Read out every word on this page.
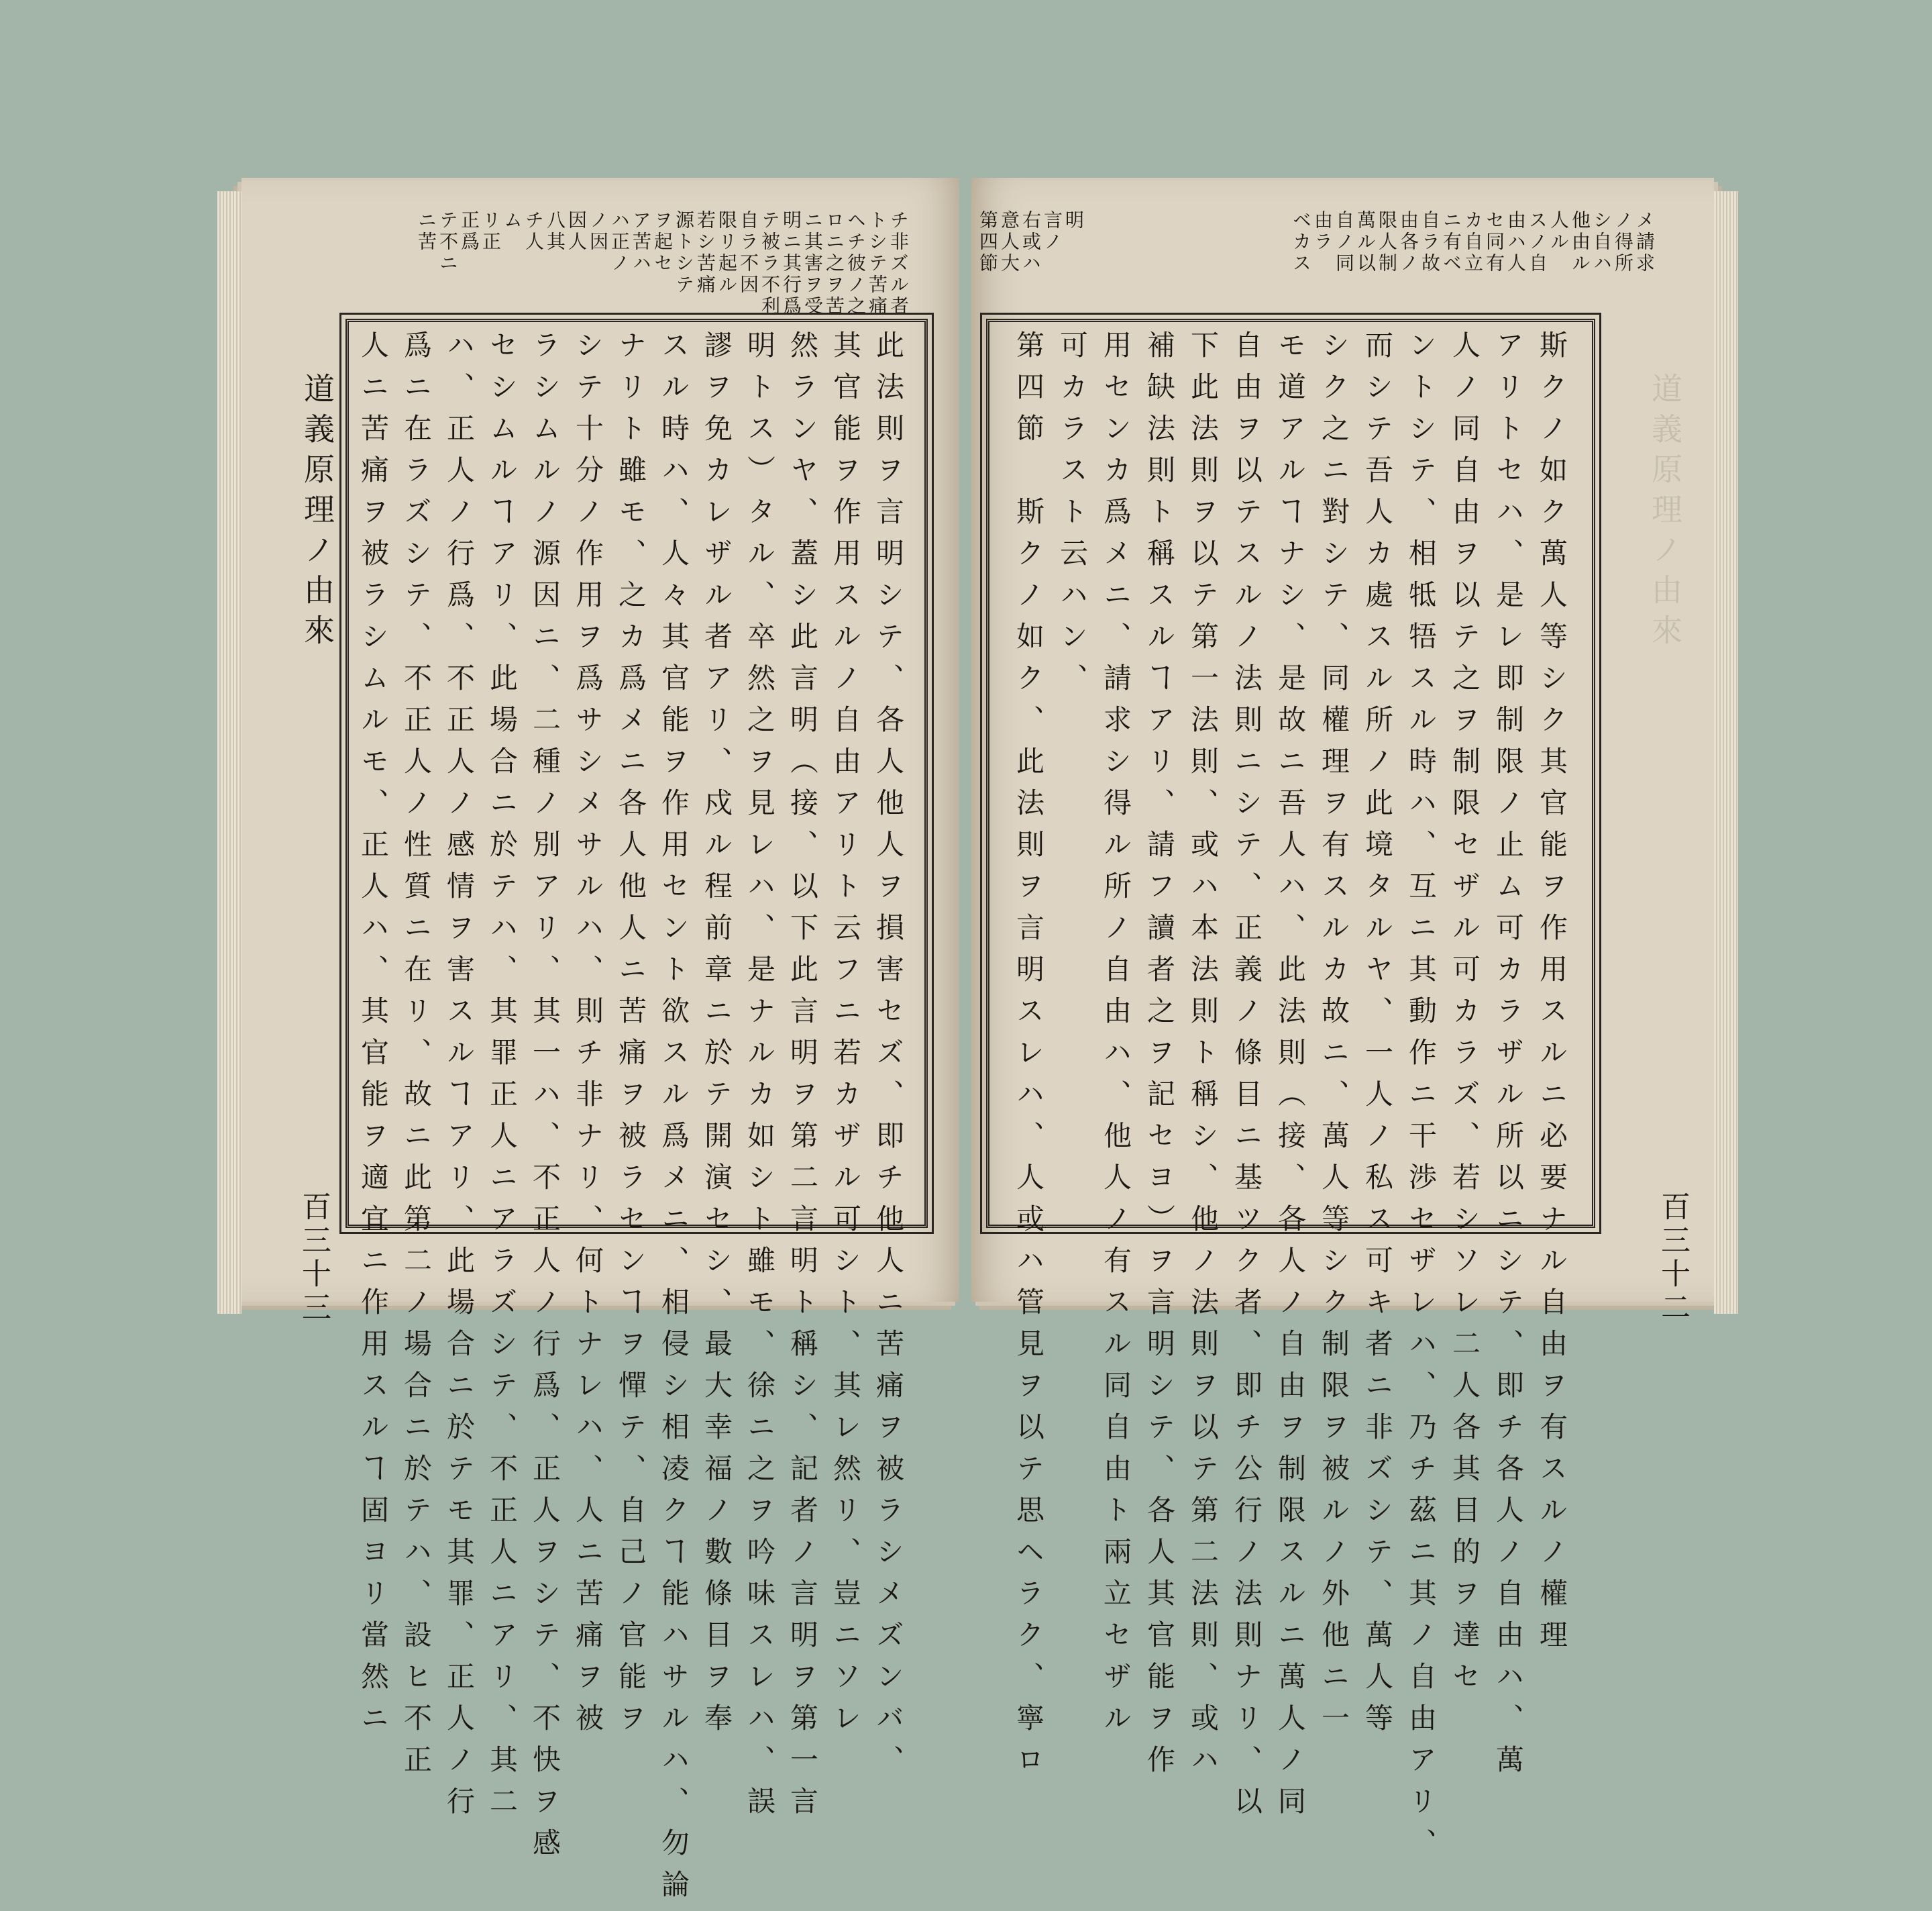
チ非ズル者
トシテ苦痛
ヘチ彼ノ之
ロニ之ヲ苦
ニ其害ヲ受
明ニ其行爲
テ被ラ不利
自ラ不因
限リ起ル
若シ苦痛
源トシテ
ヲ起セ
ア苦ハ
ハ正ノ
ノ因
因人
八其
チ人
ム
リ正
正爲
テ不ニ
ニ苦
道義原理ノ由來	此法則ヲ言明シテ、各人他人ヲ損害セズ、即チ他人ニ苦痛ヲ被ラシメズンバ、
其官能ヲ作用スルノ自由アリト云フニ若カザル可シト、其レ然リ、豈ニソレ
然ランヤ、蓋シ此言明（接、以下此言明ヲ第二言明ト稱シ、記者ノ言明ヲ第一言
明トス）タル、卒然之ヲ見レハ、是ナルカ如シト雖モ、徐ニ之ヲ吟味スレハ、誤
謬ヲ免カレザル者アリ、戍ル程前章ニ於テ開演セシ、最大幸福ノ數條目ヲ奉
スル時ハ、人々其官能ヲ作用セント欲スル爲メニ、相侵シ相凌クヿ能ハサルハ、勿論
ナリト雖モ、之カ爲メニ各人他人ニ苦痛ヲ被ラセンヿヲ憚テ、自己ノ官能ヲ
シテ十分ノ作用ヲ爲サシメサルハ、則チ非ナリ、何トナレハ、人ニ苦痛ヲ被
ラシムルノ源因ニ、二種ノ別アリ、其一ハ、不正人ノ行爲、正人ヲシテ、不快ヲ感
セシムルヿアリ、此場合ニ於テハ、其罪正人ニアラズシテ、不正人ニアリ、其二
ハ、正人ノ行爲、不正人ノ感情ヲ害スルヿアリ、此場合ニ於テモ其罪、正人ノ行
爲ニ在ラズシテ、不正人ノ性質ニ在リ、故ニ此第二ノ場合ニ於テハ、設ヒ不正
人ニ苦痛ヲ被ラシムルモ、正人ハ、其官能ヲ適宜ニ作用スルヿ固ヨリ當然ニ
百三十三
第四節 意人大 右或ハ 言ノ 明	メ請求
ノ得所
シ自ハ
他由ル
人ル
スノ自
由ハ人
セ同有
カ自立
ニ有ベ
自ラ故
由各ノ
限人制
萬ル以
自ノ同
由ラ
ベカス
道義原理ノ由來
斯クノ如ク萬人等シク其官能ヲ作用スルニ必要ナル自由ヲ有スルノ權理
アリトセハ、是レ即制限ノ止ム可カラザル所以ニシテ、即チ各人ノ自由ハ、萬
人ノ同自由ヲ以テ之ヲ制限セザル可カラズ、若シソレ二人各其目的ヲ達セ
ントシテ、相牴牾スル時ハ、互ニ其動作ニ干渉セザレハ、乃チ茲ニ其ノ自由アリ、
而シテ吾人カ處スル所ノ此境タルヤ、一人ノ私ス可キ者ニ非ズシテ、萬人等
シク之ニ對シテ、同權理ヲ有スルカ故ニ、萬人等シク制限ヲ被ルノ外他ニ一
モ道アルヿナシ、是故ニ吾人ハ、此法則（接、各人ノ自由ヲ制限スルニ萬人ノ同
自由ヲ以テスルノ法則ニシテ、正義ノ條目ニ基ツク者、即チ公行ノ法則ナリ、以
下此法則ヲ以テ第一法則、或ハ本法則ト稱シ、他ノ法則ヲ以テ第二法則、或ハ
補缺法則ト稱スルヿアリ、請フ讀者之ヲ記セヨ）ヲ言明シテ、各人其官能ヲ作
用センカ爲メニ、請求シ得ル所ノ自由ハ、他人ノ有スル同自由ト兩立セザル
可カラスト云ハン、
第四節　斯クノ如ク、此法則ヲ言明スレハ、人或ハ管見ヲ以テ思ヘラク、寧ロ	百三十二
